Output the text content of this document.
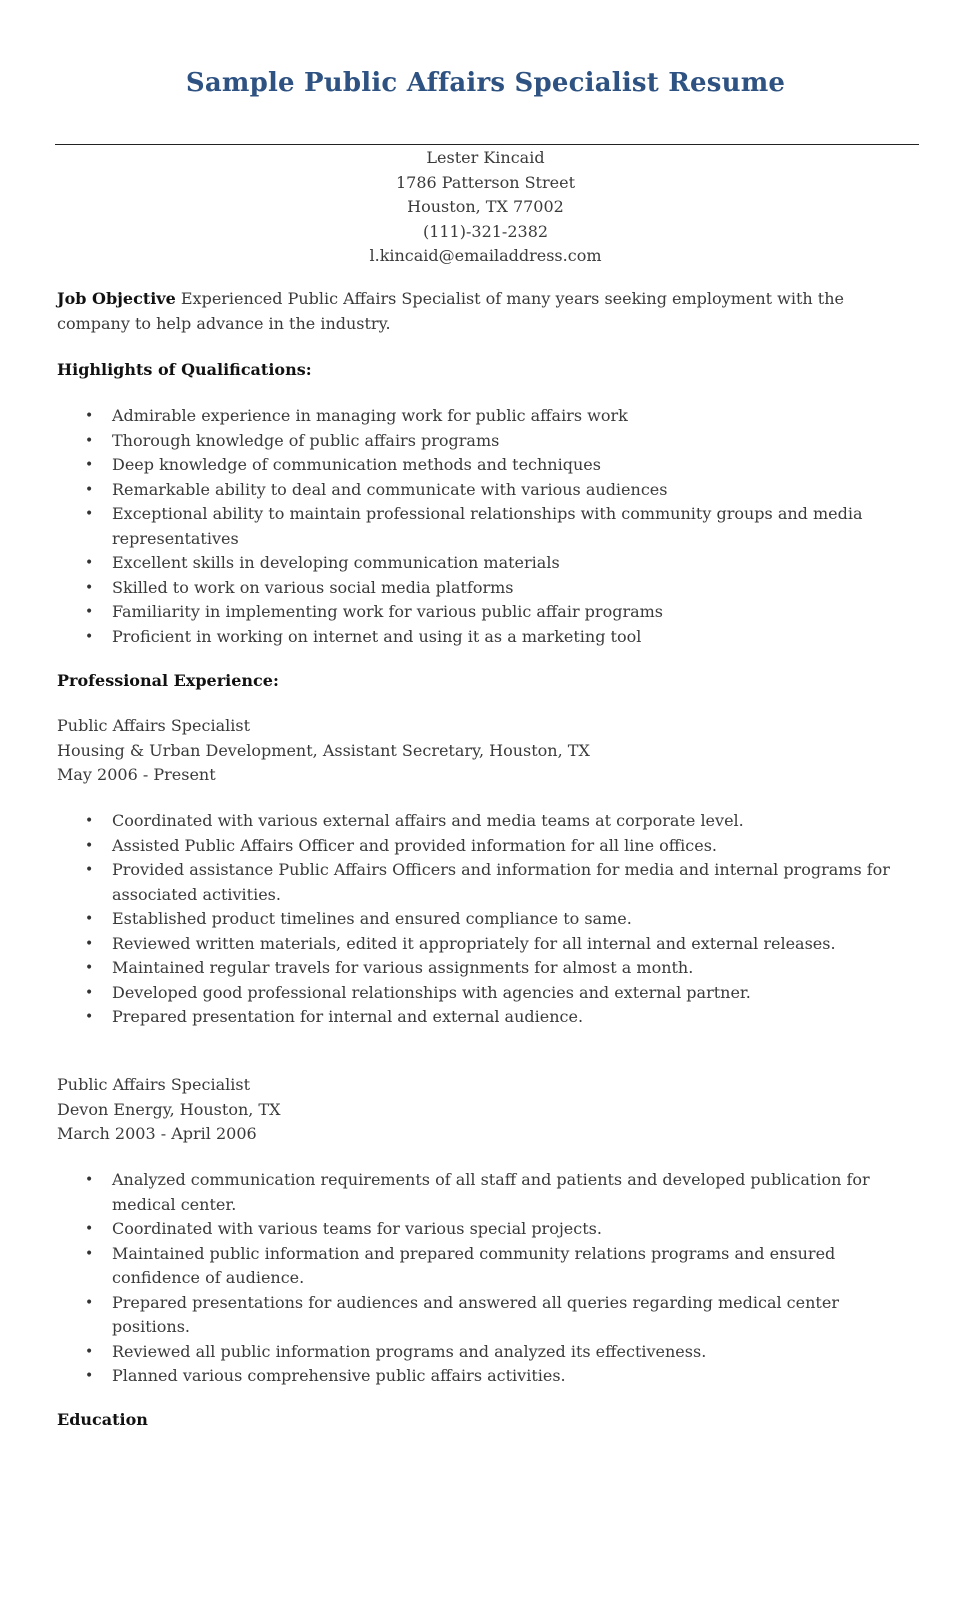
Sample Public Affairs Specialist Resume
Lester Kincaid
1786 Patterson Street
Houston, TX 77002
(111)-321-2382
l.kincaid@emailaddress.com
Job Objective Experienced Public Affairs Specialist of many years seeking employment with the company to help advance in the industry.
Highlights of Qualifications:
• Admirable experience in managing work for public affairs work
• Thorough knowledge of public affairs programs
• Deep knowledge of communication methods and techniques
• Remarkable ability to deal and communicate with various audiences
• Exceptional ability to maintain professional relationships with community groups and media representatives
• Excellent skills in developing communication materials
• Skilled to work on various social media platforms
• Familiarity in implementing work for various public affair programs
• Proficient in working on internet and using it as a marketing tool
Professional Experience:
Public Affairs Specialist
Housing & Urban Development, Assistant Secretary, Houston, TX
May 2006 - Present
• Coordinated with various external affairs and media teams at corporate level.
• Assisted Public Affairs Officer and provided information for all line offices.
• Provided assistance Public Affairs Officers and information for media and internal programs for associated activities.
• Established product timelines and ensured compliance to same.
• Reviewed written materials, edited it appropriately for all internal and external releases.
• Maintained regular travels for various assignments for almost a month.
• Developed good professional relationships with agencies and external partner.
• Prepared presentation for internal and external audience.
Public Affairs Specialist
Devon Energy, Houston, TX
March 2003 - April 2006
• Analyzed communication requirements of all staff and patients and developed publication for medical center.
• Coordinated with various teams for various special projects.
• Maintained public information and prepared community relations programs and ensured confidence of audience.
• Prepared presentations for audiences and answered all queries regarding medical center positions.
• Reviewed all public information programs and analyzed its effectiveness.
• Planned various comprehensive public affairs activities.
Education
